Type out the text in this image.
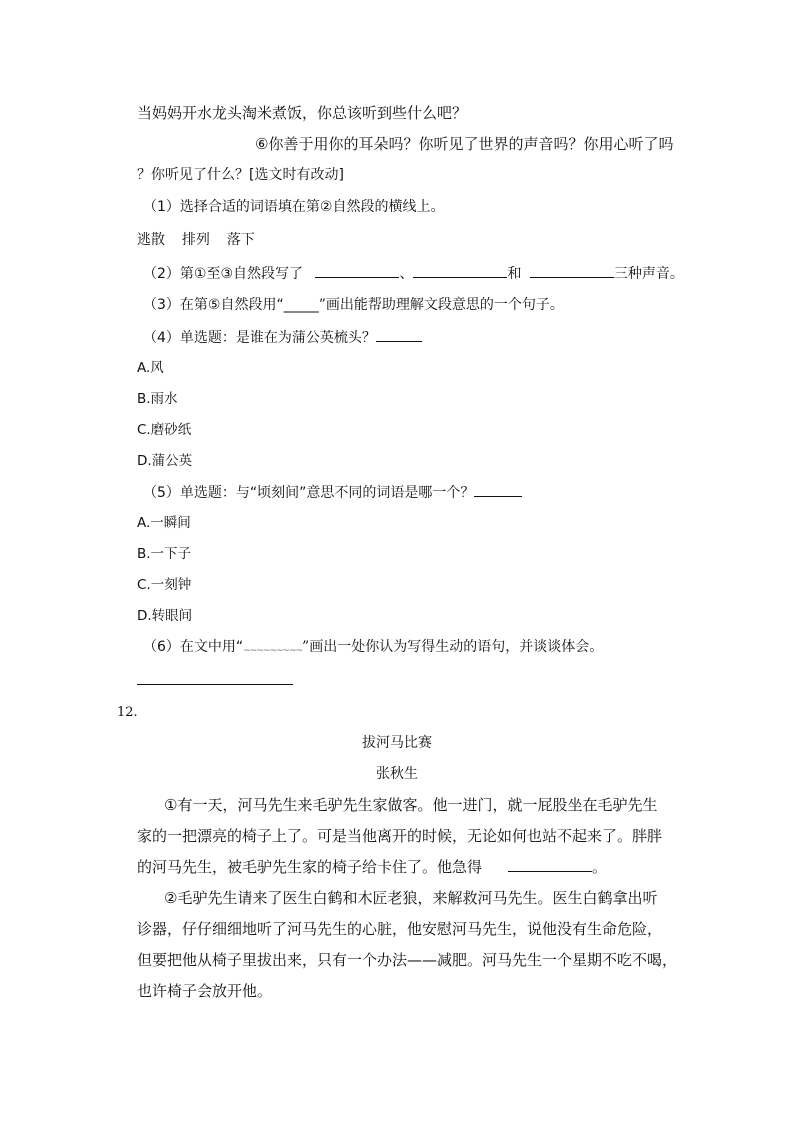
当妈妈开水龙头淘米煮饭，你总该听到些什么吧？
⑥你善于用你的耳朵吗？你听见了世界的声音吗？你用心听了吗
？你听见了什么？[选文时有改动]
（1）选择合适的词语填在第②自然段的横线上。
逃散  排列  落下
（2）第①至③自然段写了	、	和	三种声音。
（3）在第⑤自然段用“_____”画出能帮助理解文段意思的一个句子。
（4）单选题：是谁在为蒲公英梳头？
A.风
B.雨水
C.磨砂纸
D.蒲公英
（5）单选题：与“顷刻间”意思不同的词语是哪一个？
A.一瞬间
B.一下子
C.一刻钟
D.转眼间
（6）在文中用“~~~~~~~~~”画出一处你认为写得生动的语句，并谈谈体会。
12.
拔河马比赛
张秋生
①有一天，河马先生来毛驴先生家做客。他一进门，就一屁股坐在毛驴先生
家的一把漂亮的椅子上了。可是当他离开的时候，无论如何也站不起来了。胖胖
的河马先生，被毛驴先生家的椅子给卡住了。他急得	。
②毛驴先生请来了医生白鹤和木匠老狼，来解救河马先生。医生白鹤拿出听
诊器，仔仔细细地听了河马先生的心脏，他安慰河马先生，说他没有生命危险，
但要把他从椅子里拔出来，只有一个办法——减肥。河马先生一个星期不吃不喝，
也许椅子会放开他。
